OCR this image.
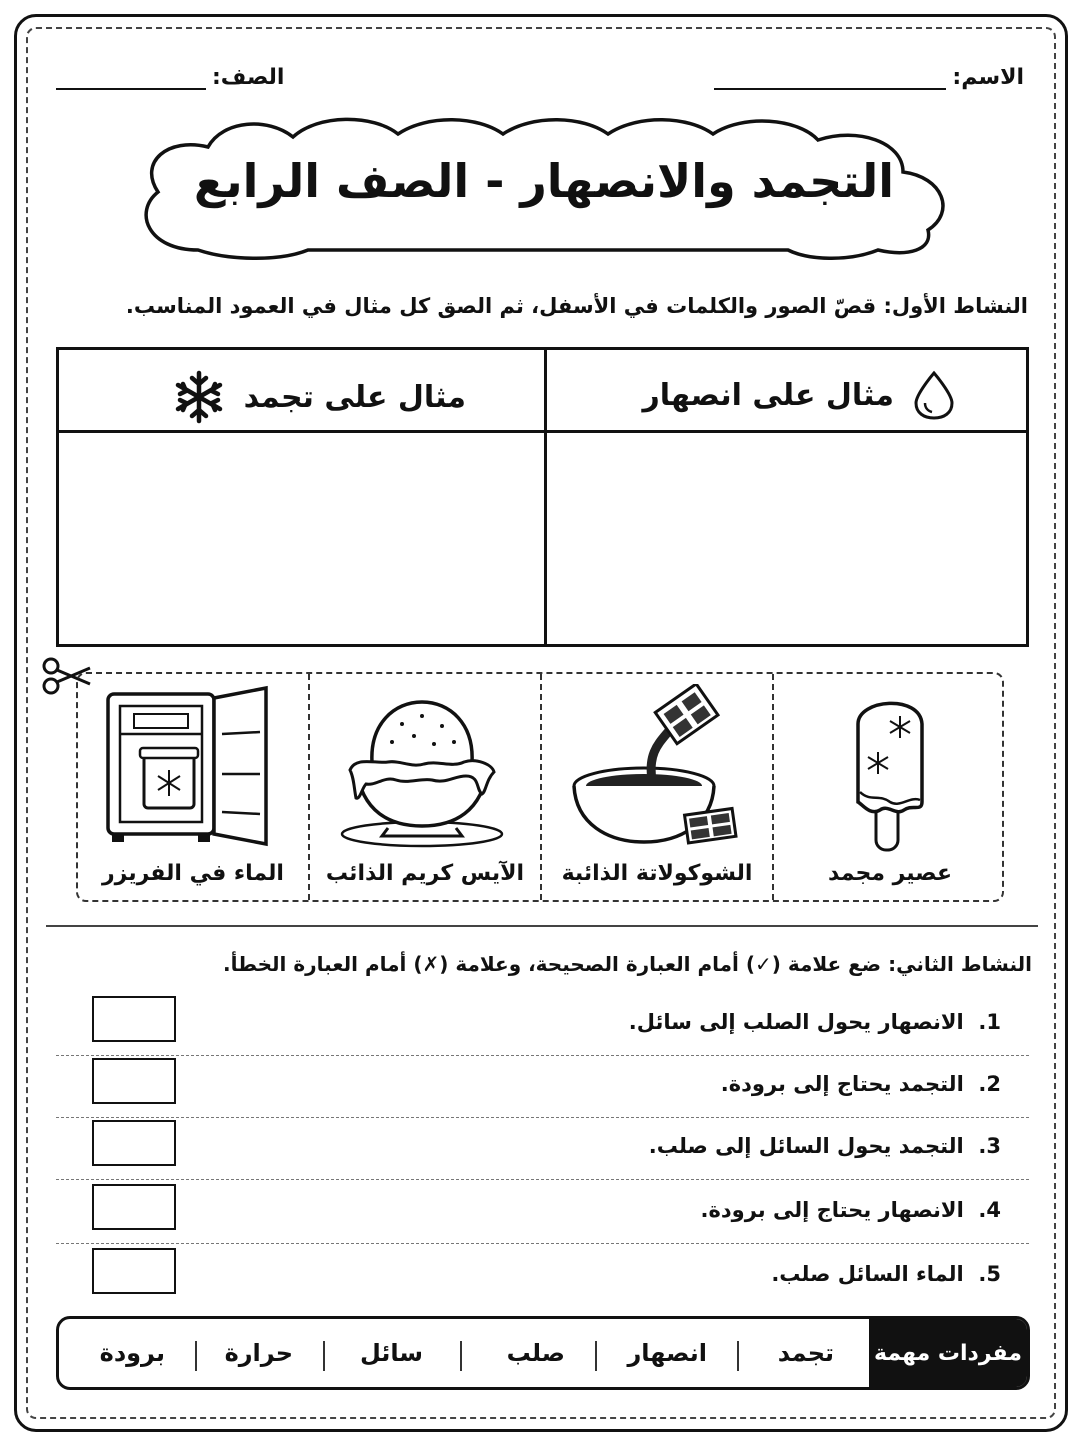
الاسم:
الصف:
التجمد والانصهار - الصف الرابع
النشاط الأول: قصّ الصور والكلمات في الأسفل، ثم الصق كل مثال في العمود المناسب.
مثال على انصهار
مثال على تجمد
عصير مجمد
الشوكولاتة الذائبة
الآيس كريم الذائب
الماء في الفريزر
النشاط الثاني: ضع علامة (✓) أمام العبارة الصحيحة، وعلامة (✗) أمام العبارة الخطأ.
1.  الانصهار يحول الصلب إلى سائل.
2.  التجمد يحتاج إلى برودة.
3.  التجمد يحول السائل إلى صلب.
4.  الانصهار يحتاج إلى برودة.
5.  الماء السائل صلب.
مفردات مهمة
تجمد
انصهار
صلب
سائل
حرارة
برودة
